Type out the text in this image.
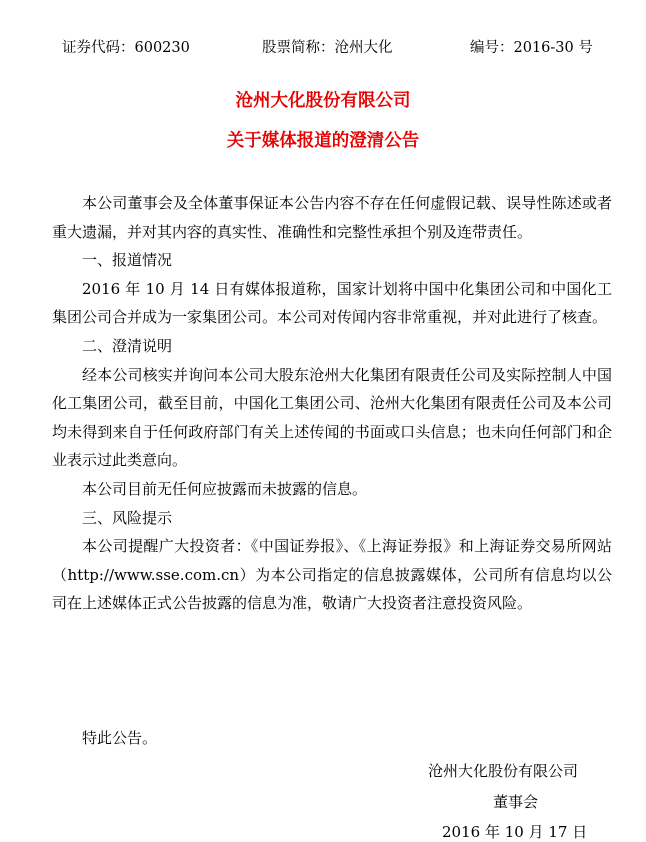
证券代码：600230	股票简称：沧州大化	编号：2016-30 号
沧州大化股份有限公司
关于媒体报道的澄清公告

本公司董事会及全体董事保证本公告内容不存在任何虚假记载、误导性陈述或者重大遗漏，并对其内容的真实性、准确性和完整性承担个别及连带责任。

一、报道情况

2016 年 10 月 14 日有媒体报道称，国家计划将中国中化集团公司和中国化工集团公司合并成为一家集团公司。本公司对传闻内容非常重视，并对此进行了核查。

二、澄清说明

经本公司核实并询问本公司大股东沧州大化集团有限责任公司及实际控制人中国化工集团公司，截至目前，中国化工集团公司、沧州大化集团有限责任公司及本公司均未得到来自于任何政府部门有关上述传闻的书面或口头信息；也未向任何部门和企业表示过此类意向。

本公司目前无任何应披露而未披露的信息。

三、风险提示

本公司提醒广大投资者：《中国证券报》、《上海证券报》和上海证券交易所网站（http://www.sse.com.cn）为本公司指定的信息披露媒体，公司所有信息均以公司在上述媒体正式公告披露的信息为准，敬请广大投资者注意投资风险。

特此公告。
沧州大化股份有限公司
董事会
2016 年 10 月 17 日
